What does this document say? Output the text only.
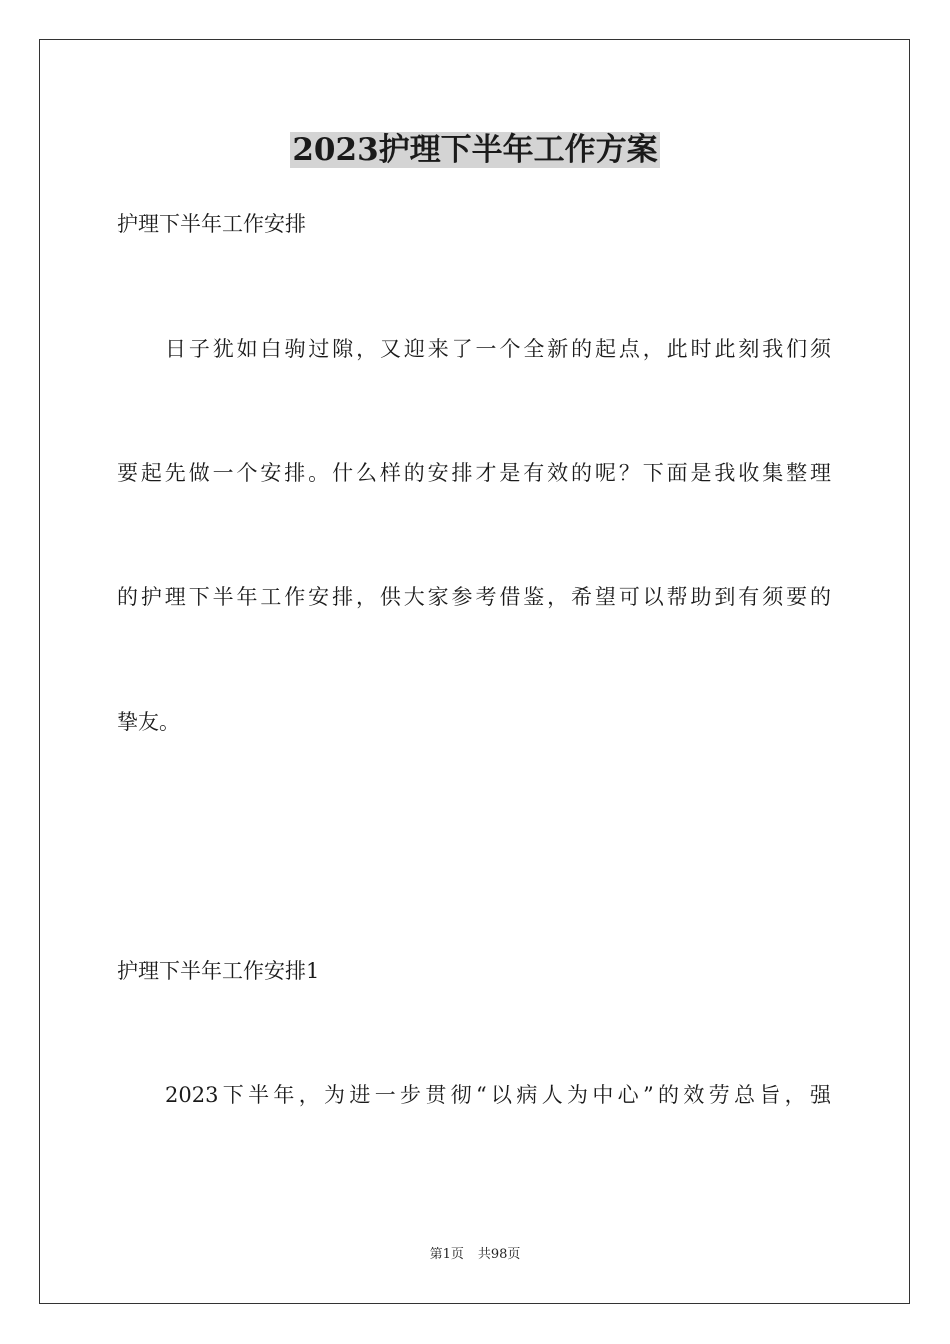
2023护理下半年工作方案
护理下半年工作安排
日子犹如白驹过隙，又迎来了一个全新的起点，此时此刻我们须
要起先做一个安排。什么样的安排才是有效的呢？下面是我收集整理
的护理下半年工作安排，供大家参考借鉴，希望可以帮助到有须要的
挚友。
护理下半年工作安排1
2023下半年，为进一步贯彻“以病人为中心”的效劳总旨，强
第1页 共98页
